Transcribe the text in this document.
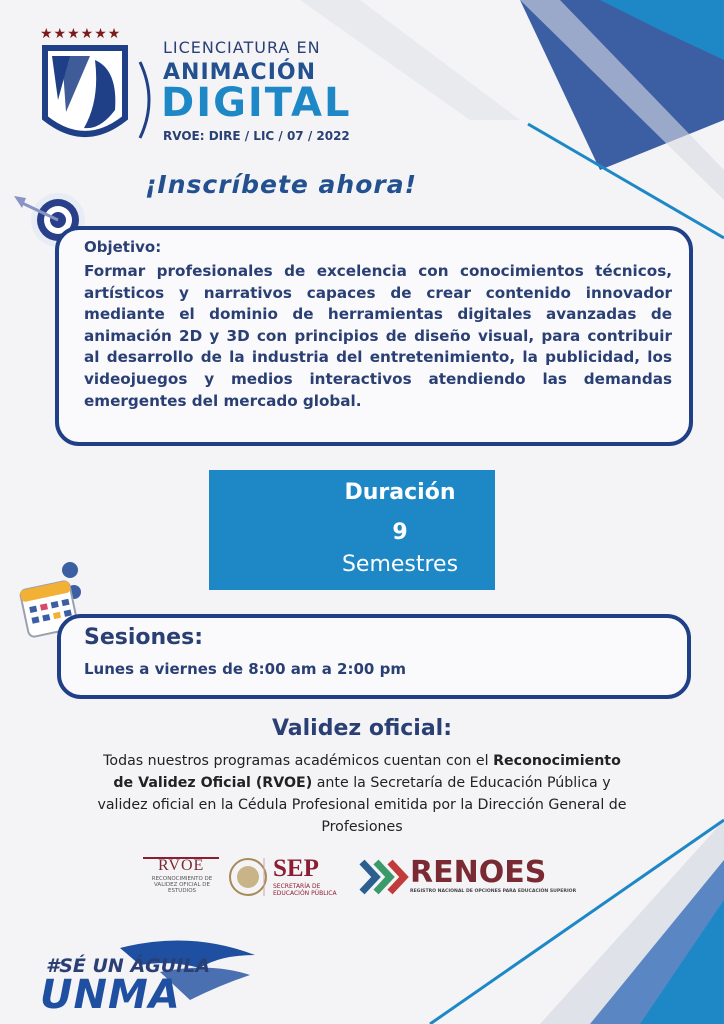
★★★★★★
LICENCIATURA EN
ANIMACIÓN
DIGITAL
RVOE: DIRE / LIC / 07 / 2022
¡Inscríbete ahora!
Objetivo:
Formar profesionales de excelencia con conocimientos técnicos, artísticos y narrativos capaces de crear contenido innovador mediante el dominio de herramientas digitales avanzadas de animación 2D y 3D con principios de diseño visual, para contribuir al desarrollo de la industria del entretenimiento, la publicidad, los videojuegos y medios interactivos atendiendo las demandas emergentes del mercado global.
Duración
9
Semestres
Sesiones:
Lunes a viernes de 8:00 am a 2:00 pm
Validez oficial:
Todas nuestros programas académicos cuentan con el Reconocimiento de Validez Oficial (RVOE) ante la Secretaría de Educación Pública y validez oficial en la Cédula Profesional emitida por la Dirección General de Profesiones
RVOE
RECONOCIMIENTO DE VALIDEZ OFICIAL DE ESTUDIOS
SEP
SECRETARÍA DE EDUCACIÓN PÚBLICA
RENOES
REGISTRO NACIONAL DE OPCIONES PARA EDUCACIÓN SUPERIOR
#SÉ UN ÁGUILA
UNMA
